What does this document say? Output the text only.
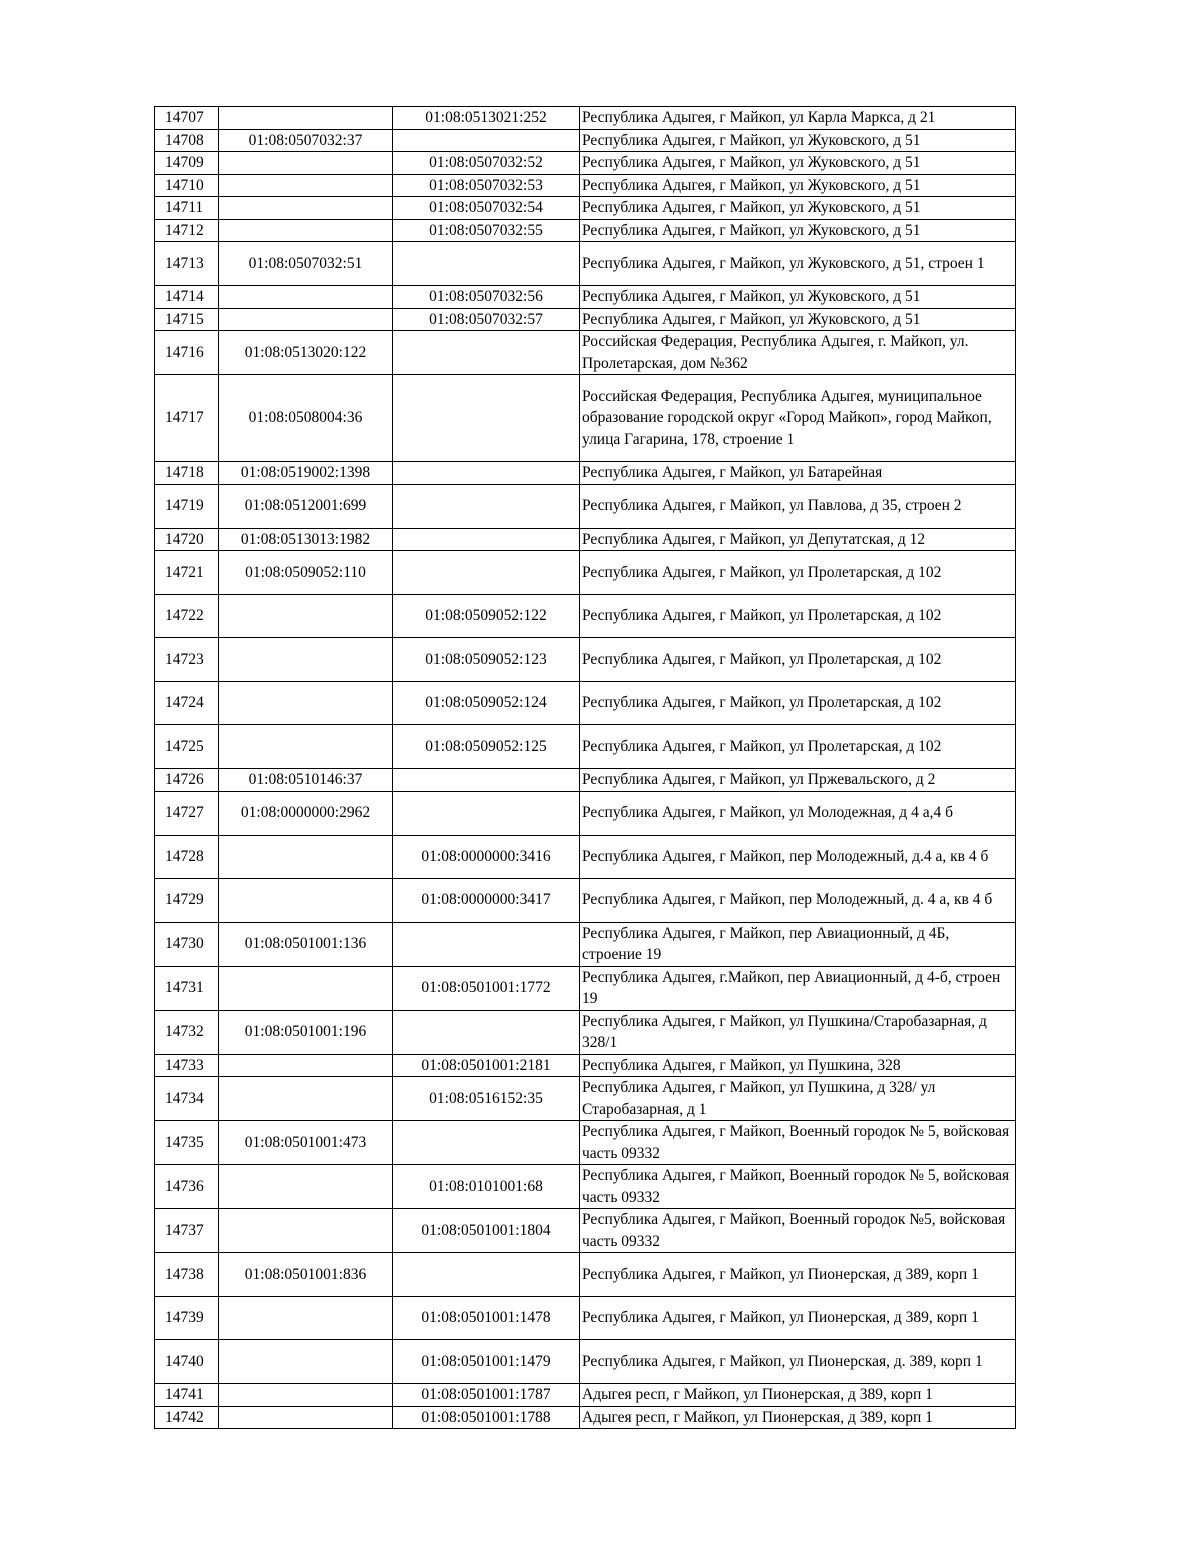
14707		01:08:0513021:252	Республика Адыгея, г Майкоп, ул Карла Маркса, д 21
14708	01:08:0507032:37		Республика Адыгея, г Майкоп, ул Жуковского, д 51
14709		01:08:0507032:52	Республика Адыгея, г Майкоп, ул Жуковского, д 51
14710		01:08:0507032:53	Республика Адыгея, г Майкоп, ул Жуковского, д 51
14711		01:08:0507032:54	Республика Адыгея, г Майкоп, ул Жуковского, д 51
14712		01:08:0507032:55	Республика Адыгея, г Майкоп, ул Жуковского, д 51
14713	01:08:0507032:51		Республика Адыгея, г Майкоп, ул Жуковского, д 51, строен 1
14714		01:08:0507032:56	Республика Адыгея, г Майкоп, ул Жуковского, д 51
14715		01:08:0507032:57	Республика Адыгея, г Майкоп, ул Жуковского, д 51
14716	01:08:0513020:122		Российская Федерация, Республика Адыгея, г. Майкоп, ул. Пролетарская, дом №362
14717	01:08:0508004:36		Российская Федерация, Республика Адыгея, муниципальное образование городской округ «Город Майкоп», город Майкоп, улица Гагарина, 178, строение 1
14718	01:08:0519002:1398		Республика Адыгея, г Майкоп, ул Батарейная
14719	01:08:0512001:699		Республика Адыгея, г Майкоп, ул Павлова, д 35, строен 2
14720	01:08:0513013:1982		Республика Адыгея, г Майкоп, ул Депутатская, д 12
14721	01:08:0509052:110		Республика Адыгея, г Майкоп, ул Пролетарская, д 102
14722		01:08:0509052:122	Республика Адыгея, г Майкоп, ул Пролетарская, д 102
14723		01:08:0509052:123	Республика Адыгея, г Майкоп, ул Пролетарская, д 102
14724		01:08:0509052:124	Республика Адыгея, г Майкоп, ул Пролетарская, д 102
14725		01:08:0509052:125	Республика Адыгея, г Майкоп, ул Пролетарская, д 102
14726	01:08:0510146:37		Республика Адыгея, г Майкоп, ул Пржевальского, д 2
14727	01:08:0000000:2962		Республика Адыгея, г Майкоп, ул Молодежная, д 4 а,4 б
14728		01:08:0000000:3416	Республика Адыгея, г Майкоп, пер Молодежный, д.4 а, кв 4 б
14729		01:08:0000000:3417	Республика Адыгея, г Майкоп, пер Молодежный, д. 4 а, кв 4 б
14730	01:08:0501001:136		Республика Адыгея, г Майкоп, пер Авиационный, д 4Б, строение 19
14731		01:08:0501001:1772	Республика Адыгея, г.Майкоп, пер Авиационный, д 4-б, строен 19
14732	01:08:0501001:196		Республика Адыгея, г Майкоп, ул Пушкина/Старобазарная, д 328/1
14733		01:08:0501001:2181	Республика Адыгея, г Майкоп, ул Пушкина, 328
14734		01:08:0516152:35	Республика Адыгея, г Майкоп, ул Пушкина, д 328/ ул Старобазарная, д 1
14735	01:08:0501001:473		Республика Адыгея, г Майкоп, Военный городок № 5, войсковая часть 09332
14736		01:08:0101001:68	Республика Адыгея, г Майкоп, Военный городок № 5, войсковая часть 09332
14737		01:08:0501001:1804	Республика Адыгея, г Майкоп, Военный городок №5, войсковая часть 09332
14738	01:08:0501001:836		Республика Адыгея, г Майкоп, ул Пионерская, д 389, корп 1
14739		01:08:0501001:1478	Республика Адыгея, г Майкоп, ул Пионерская, д 389, корп 1
14740		01:08:0501001:1479	Республика Адыгея, г Майкоп, ул Пионерская, д. 389, корп 1
14741		01:08:0501001:1787	Адыгея респ, г Майкоп, ул Пионерская, д 389, корп 1
14742		01:08:0501001:1788	Адыгея респ, г Майкоп, ул Пионерская, д 389, корп 1
